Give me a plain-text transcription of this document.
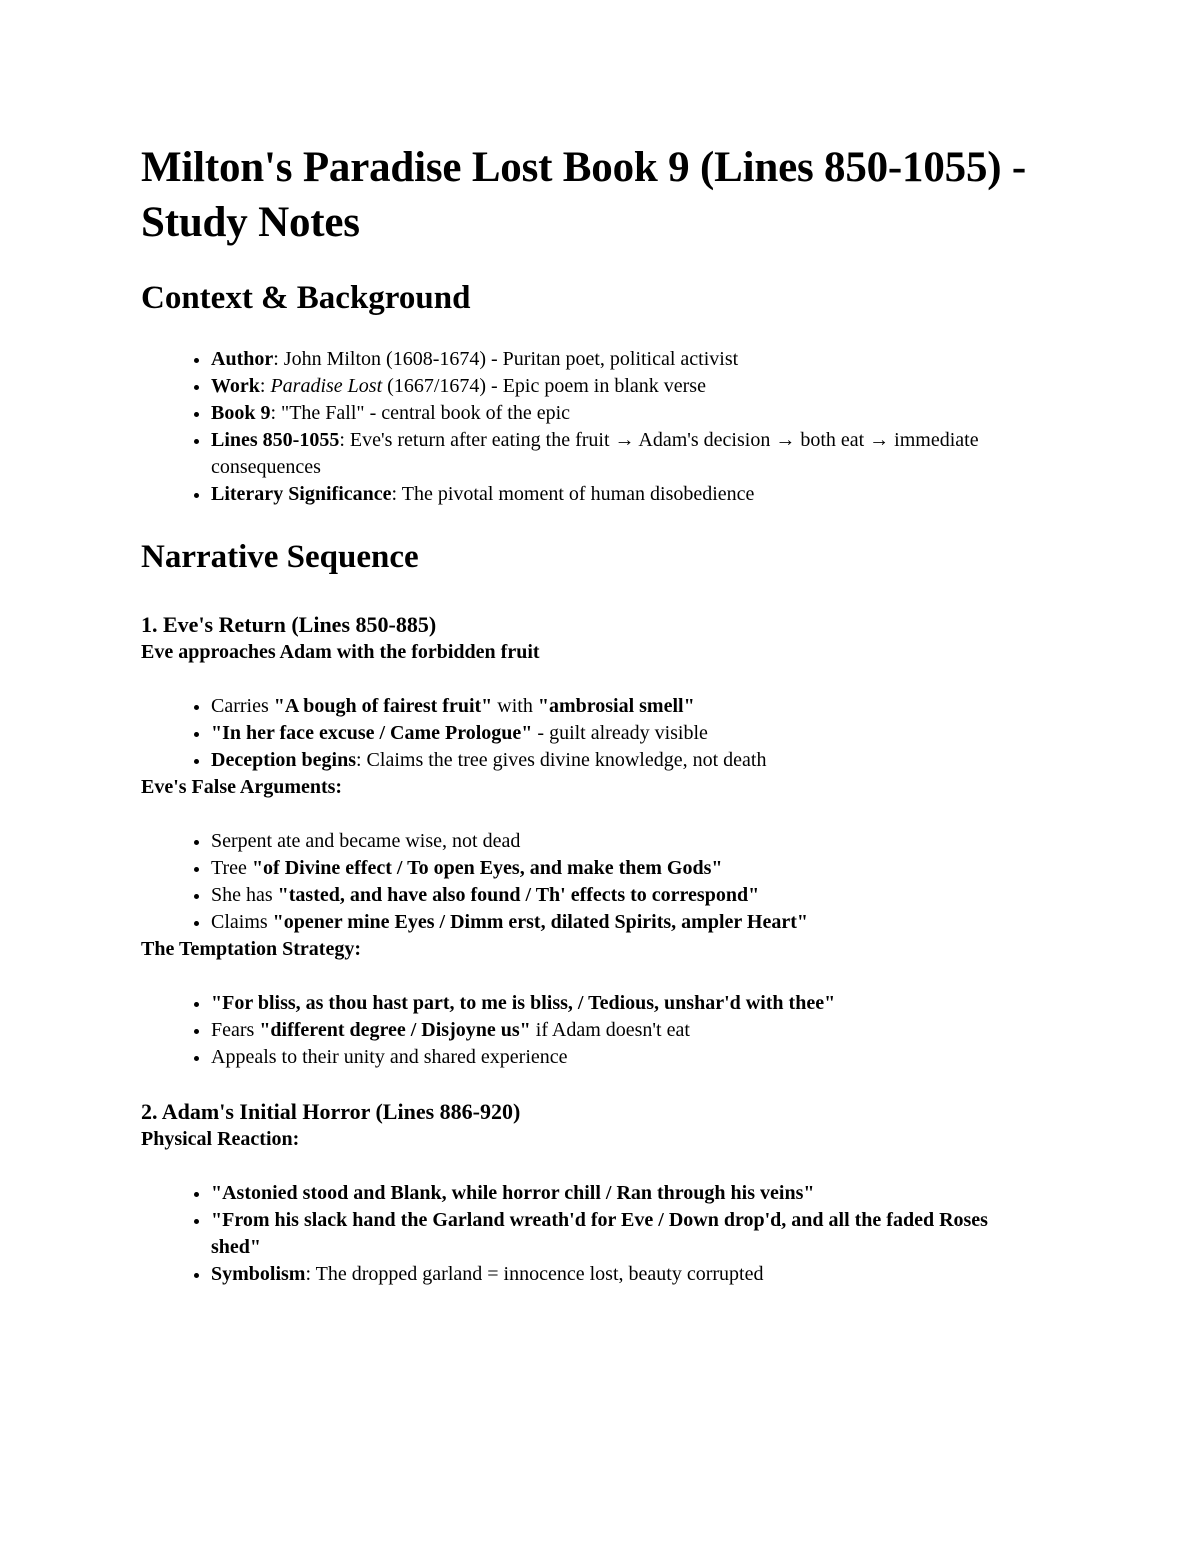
Milton's Paradise Lost Book 9 (Lines 850-1055) - Study Notes
Context & Background
• Author: John Milton (1608-1674) - Puritan poet, political activist
• Work: Paradise Lost (1667/1674) - Epic poem in blank verse
• Book 9: "The Fall" - central book of the epic
• Lines 850-1055: Eve's return after eating the fruit → Adam's decision → both eat → immediate consequences
• Literary Significance: The pivotal moment of human disobedience
Narrative Sequence
1. Eve's Return (Lines 850-885)

Eve approaches Adam with the forbidden fruit

• Carries "A bough of fairest fruit" with "ambrosial smell"
• "In her face excuse / Came Prologue" - guilt already visible
• Deception begins: Claims the tree gives divine knowledge, not death

Eve's False Arguments:

• Serpent ate and became wise, not dead
• Tree "of Divine effect / To open Eyes, and make them Gods"
• She has "tasted, and have also found / Th' effects to correspond"
• Claims "opener mine Eyes / Dimm erst, dilated Spirits, ampler Heart"

The Temptation Strategy:

• "For bliss, as thou hast part, to me is bliss, / Tedious, unshar'd with thee"
• Fears "different degree / Disjoyne us" if Adam doesn't eat
• Appeals to their unity and shared experience
2. Adam's Initial Horror (Lines 886-920)

Physical Reaction:

• "Astonied stood and Blank, while horror chill / Ran through his veins"
• "From his slack hand the Garland wreath'd for Eve / Down drop'd, and all the faded Roses shed"
• Symbolism: The dropped garland = innocence lost, beauty corrupted
